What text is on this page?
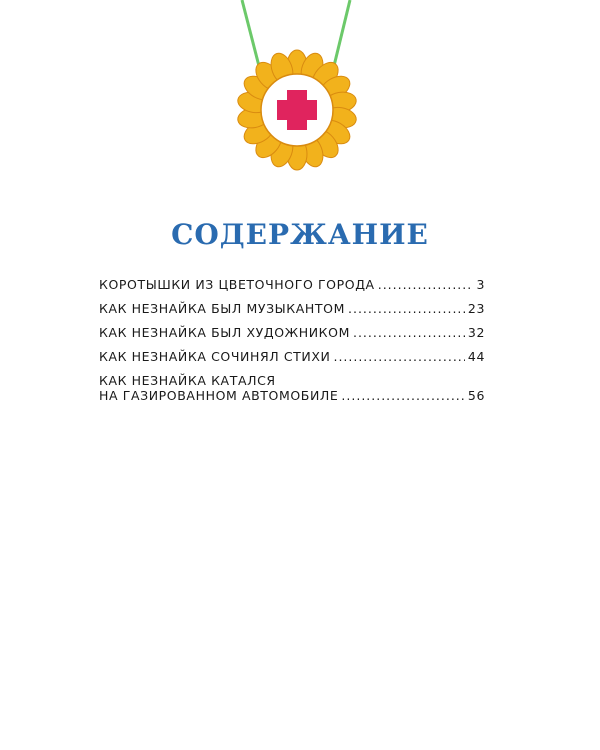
СОДЕРЖАНИЕ
КОРОТЫШКИ ИЗ ЦВЕТОЧНОГО ГОРОДА .....	3
КАК НЕЗНАЙКА БЫЛ МУЗЫКАНТОМ .....	23
КАК НЕЗНАЙКА БЫЛ ХУДОЖНИКОМ .....	32
КАК НЕЗНАЙКА СОЧИНЯЛ СТИХИ .....	44
КАК НЕЗНАЙКА КАТАЛСЯ
НА ГАЗИРОВАННОМ АВТОМОБИЛЕ .....	56
